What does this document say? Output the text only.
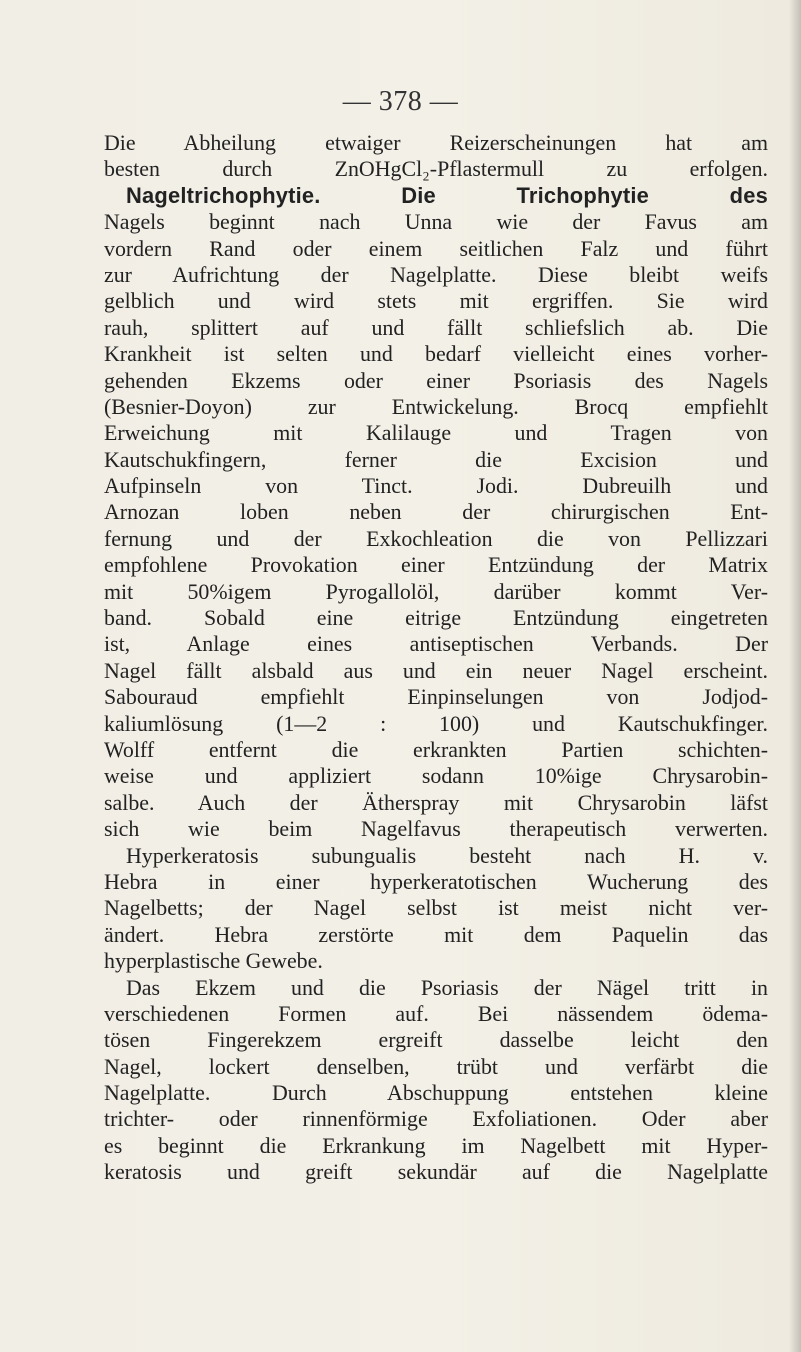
— 378 —
Die Abheilung etwaiger Reizerscheinungen hat am
besten durch ZnOHgCl₂-Pflastermull zu erfolgen.
Nageltrichophytie. Die Trichophytie des
Nagels beginnt nach Unna wie der Favus am
vordern Rand oder einem seitlichen Falz und führt
zur Aufrichtung der Nagelplatte. Diese bleibt weifs
gelblich und wird stets mit ergriffen. Sie wird
rauh, splittert auf und fällt schliefslich ab. Die
Krankheit ist selten und bedarf vielleicht eines vorher-
gehenden Ekzems oder einer Psoriasis des Nagels
(Besnier-Doyon) zur Entwickelung. Brocq empfiehlt
Erweichung mit Kalilauge und Tragen von
Kautschukfingern, ferner die Excision und
Aufpinseln von Tinct. Jodi. Dubreuilh und
Arnozan loben neben der chirurgischen Ent-
fernung und der Exkochleation die von Pellizzari
empfohlene Provokation einer Entzündung der Matrix
mit 50%igem Pyrogallolöl, darüber kommt Ver-
band. Sobald eine eitrige Entzündung eingetreten
ist, Anlage eines antiseptischen Verbands. Der
Nagel fällt alsbald aus und ein neuer Nagel erscheint.
Sabouraud empfiehlt Einpinselungen von Jodjod-
kaliumlösung (1—2 : 100) und Kautschukfinger.
Wolff entfernt die erkrankten Partien schichten-
weise und appliziert sodann 10%ige Chrysarobin-
salbe. Auch der Ätherspray mit Chrysarobin läfst
sich wie beim Nagelfavus therapeutisch verwerten.
Hyperkeratosis subungualis besteht nach H. v.
Hebra in einer hyperkeratotischen Wucherung des
Nagelbetts; der Nagel selbst ist meist nicht ver-
ändert. Hebra zerstörte mit dem Paquelin das
hyperplastische Gewebe.
Das Ekzem und die Psoriasis der Nägel tritt in
verschiedenen Formen auf. Bei nässendem ödema-
tösen Fingerekzem ergreift dasselbe leicht den
Nagel, lockert denselben, trübt und verfärbt die
Nagelplatte. Durch Abschuppung entstehen kleine
trichter- oder rinnenförmige Exfoliationen. Oder aber
es beginnt die Erkrankung im Nagelbett mit Hyper-
keratosis und greift sekundär auf die Nagelplatte
